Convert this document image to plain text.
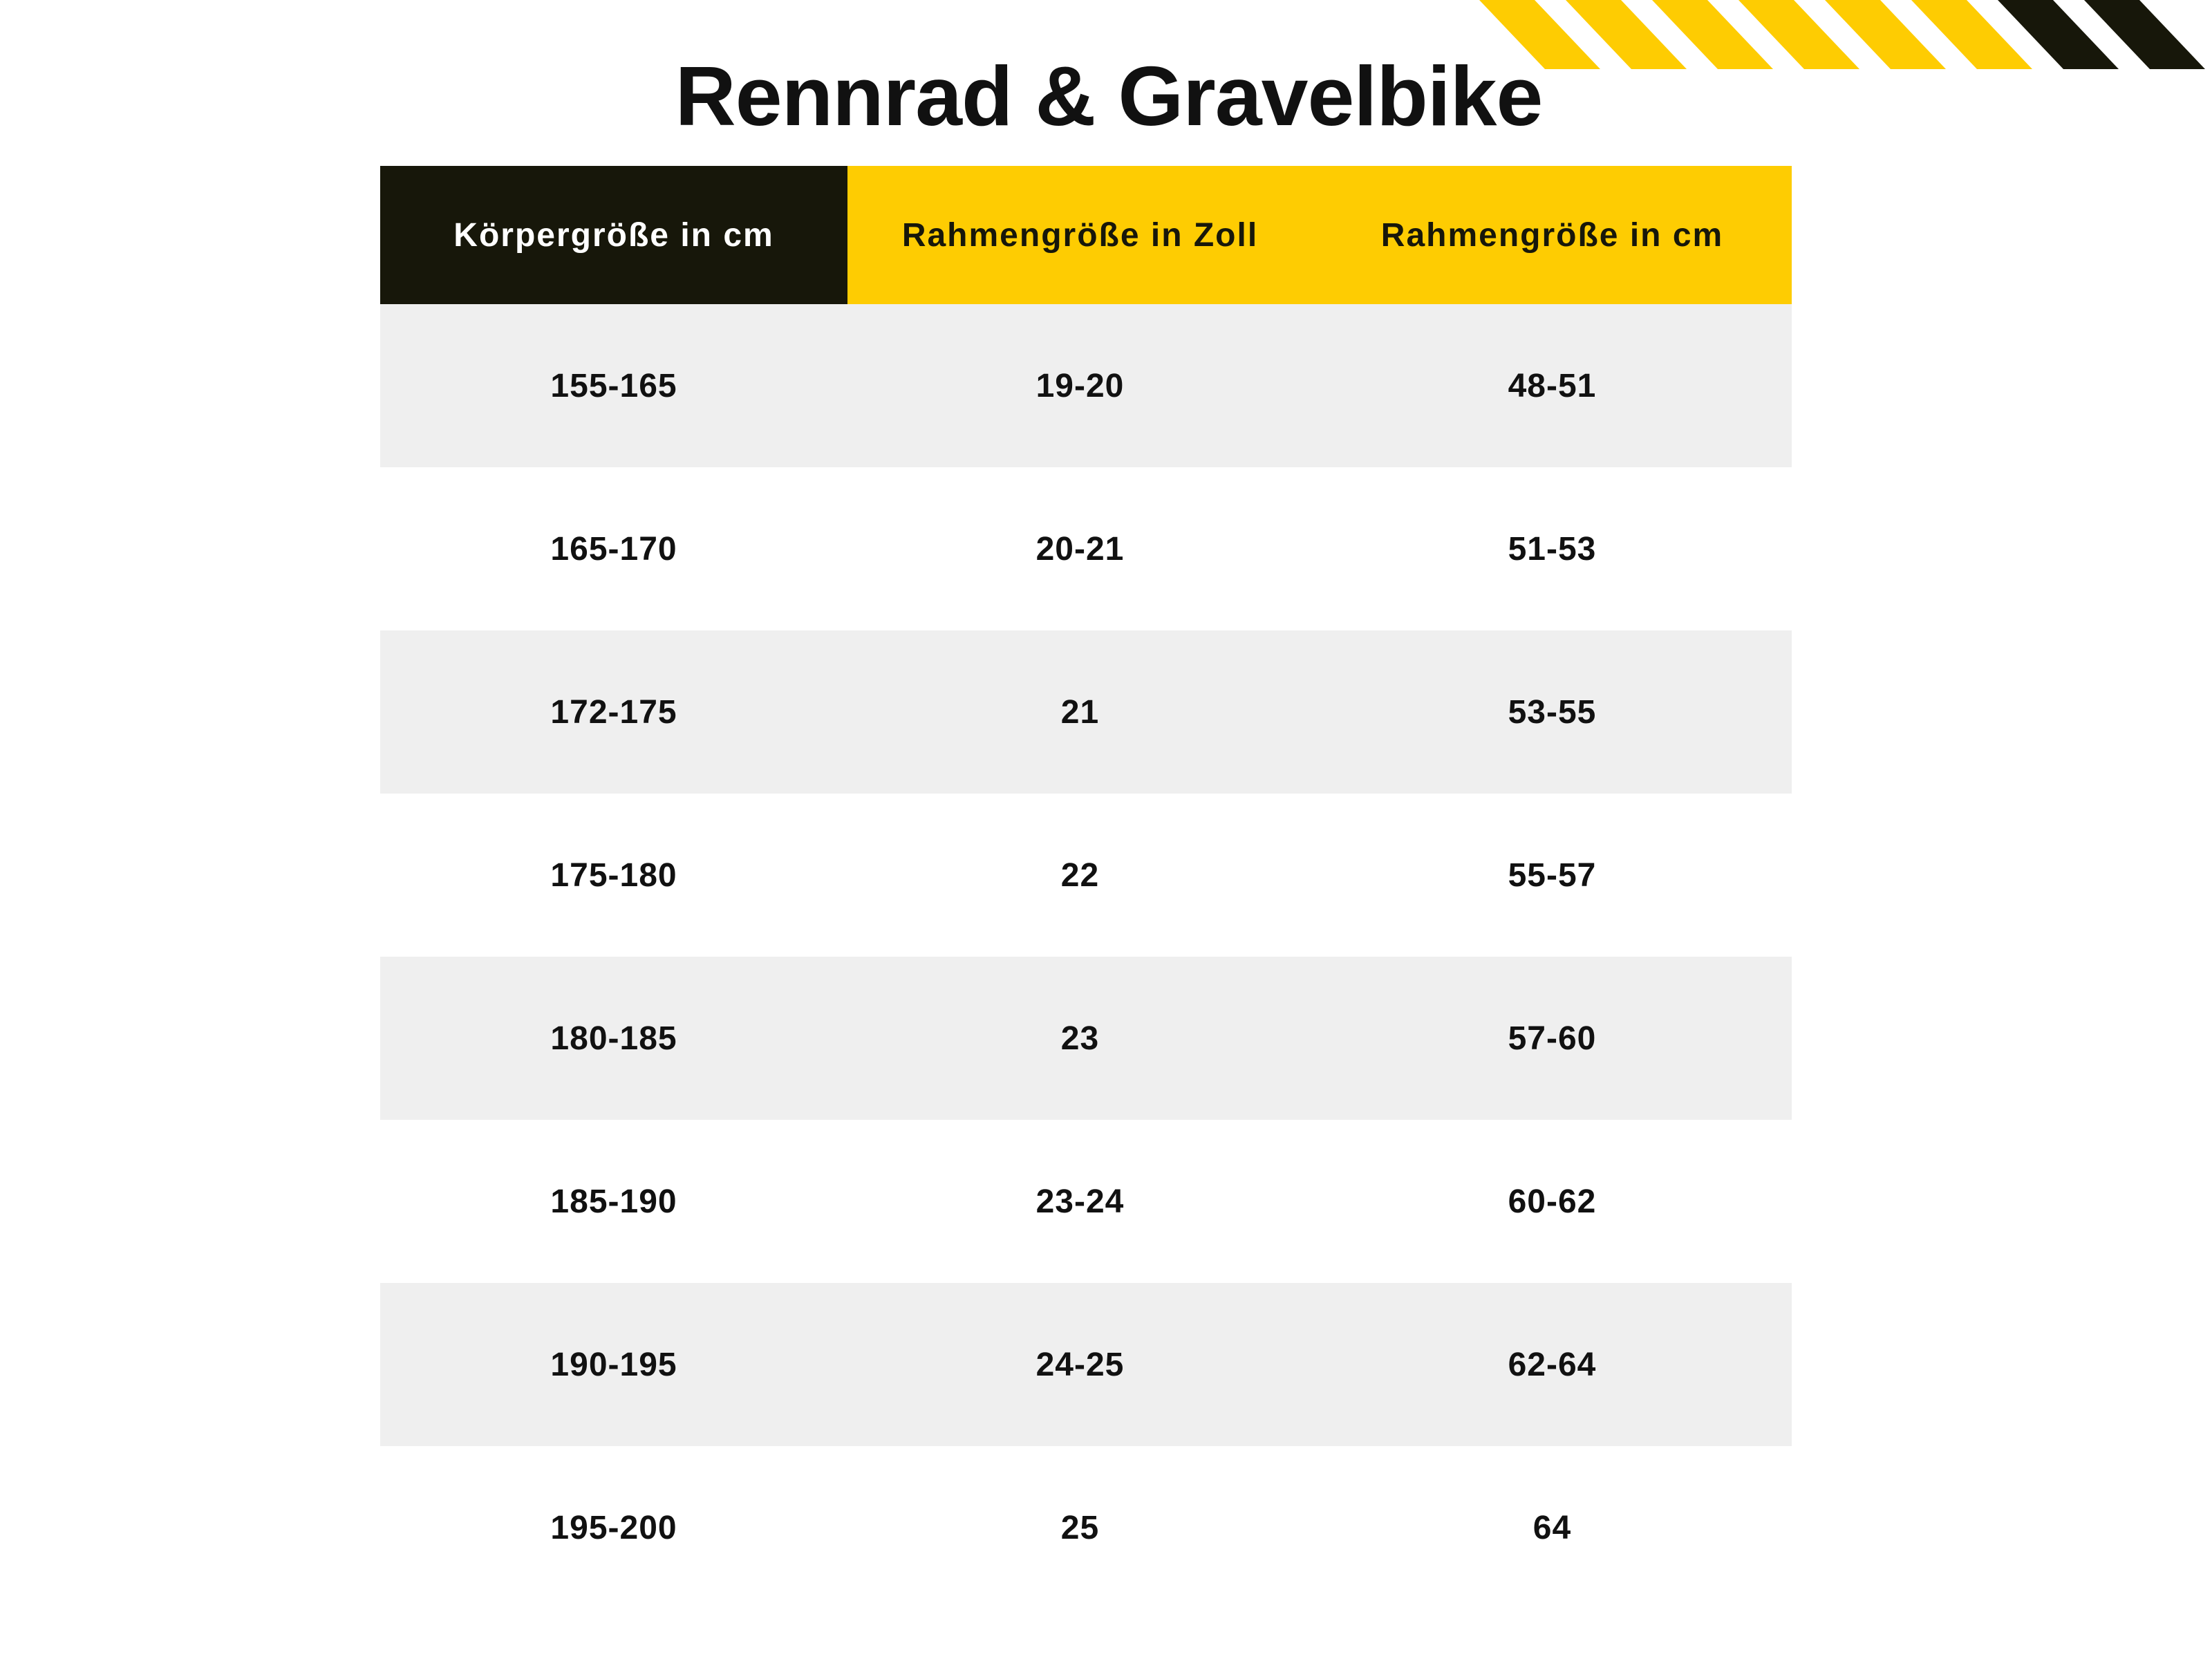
Rennrad & Gravelbike
Körpergröße in cm	Rahmengröße in Zoll	Rahmengröße in cm
155-165	19-20	48-51
165-170	20-21	51-53
172-175	21	53-55
175-180	22	55-57
180-185	23	57-60
185-190	23-24	60-62
190-195	24-25	62-64
195-200	25	64
